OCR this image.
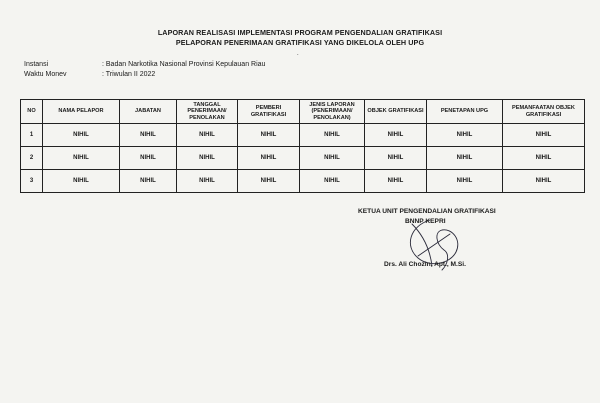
LAPORAN REALISASI IMPLEMENTASI PROGRAM PENGENDALIAN GRATIFIKASI
PELAPORAN PENERIMAAN GRATIFIKASI YANG DIKELOLA OLEH UPG
.
Instansi	: Badan Narkotika Nasional Provinsi Kepulauan Riau
Waktu Monev	: Triwulan II 2022
NO	NAMA PELAPOR	JABATAN	TANGGAL PENERIMAAN/ PENOLAKAN	PEMBERI GRATIFIKASI	JENIS LAPORAN (PENERIMAAN/ PENOLAKAN)	OBJEK GRATIFIKASI	PENETAPAN UPG	PEMANFAATAN OBJEK GRATIFIKASI
1	NIHIL	NIHIL	NIHIL	NIHIL	NIHIL	NIHIL	NIHIL	NIHIL
2	NIHIL	NIHIL	NIHIL	NIHIL	NIHIL	NIHIL	NIHIL	NIHIL
3	NIHIL	NIHIL	NIHIL	NIHIL	NIHIL	NIHIL	NIHIL	NIHIL
KETUA UNIT PENGENDALIAN GRATIFIKASI
BNNP KEPRI
Drs. Ali Chozin, Apt., M.Si.
